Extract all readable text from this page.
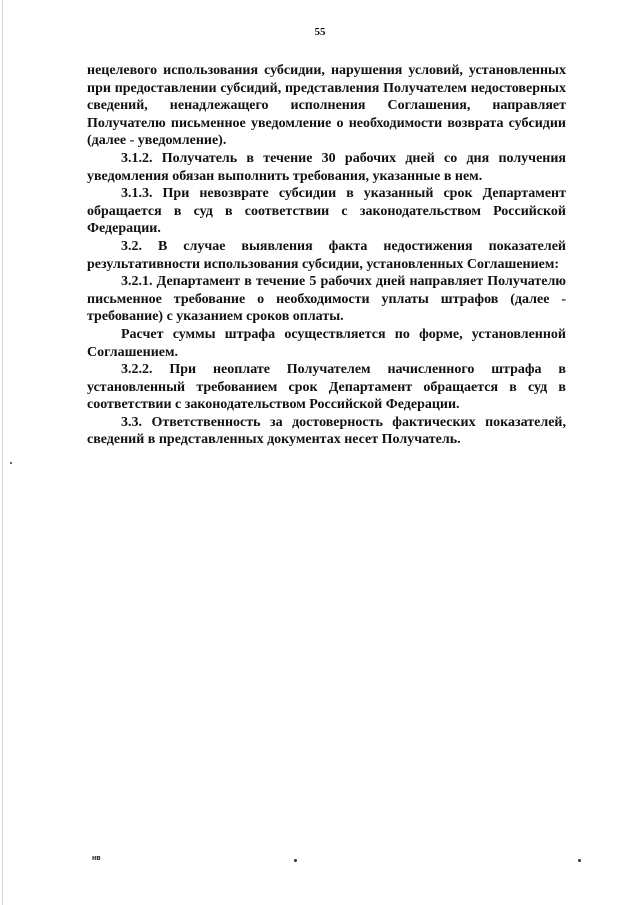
55

нецелевого использования субсидии, нарушения условий, установленных при предоставлении субсидий, представления Получателем недостоверных сведений, ненадлежащего исполнения Соглашения, направляет Получателю письменное уведомление о необходимости возврата субсидии (далее - уведомление).

3.1.2. Получатель в течение 30 рабочих дней со дня получения уведомления обязан выполнить требования, указанные в нем.

3.1.3. При невозврате субсидии в указанный срок Департамент обращается в суд в соответствии с законодательством Российской Федерации.

3.2. В случае выявления факта недостижения показателей результативности использования субсидии, установленных Соглашением:

3.2.1. Департамент в течение 5 рабочих дней направляет Получателю письменное требование о необходимости уплаты штрафов (далее - требование) с указанием сроков оплаты.

Расчет суммы штрафа осуществляется по форме, установленной Соглашением.

3.2.2. При неоплате Получателем начисленного штрафа в установленный требованием срок Департамент обращается в суд в соответствии с законодательством Российской Федерации.

3.3. Ответственность за достоверность фактических показателей, сведений в представленных документах несет Получатель.

нв
